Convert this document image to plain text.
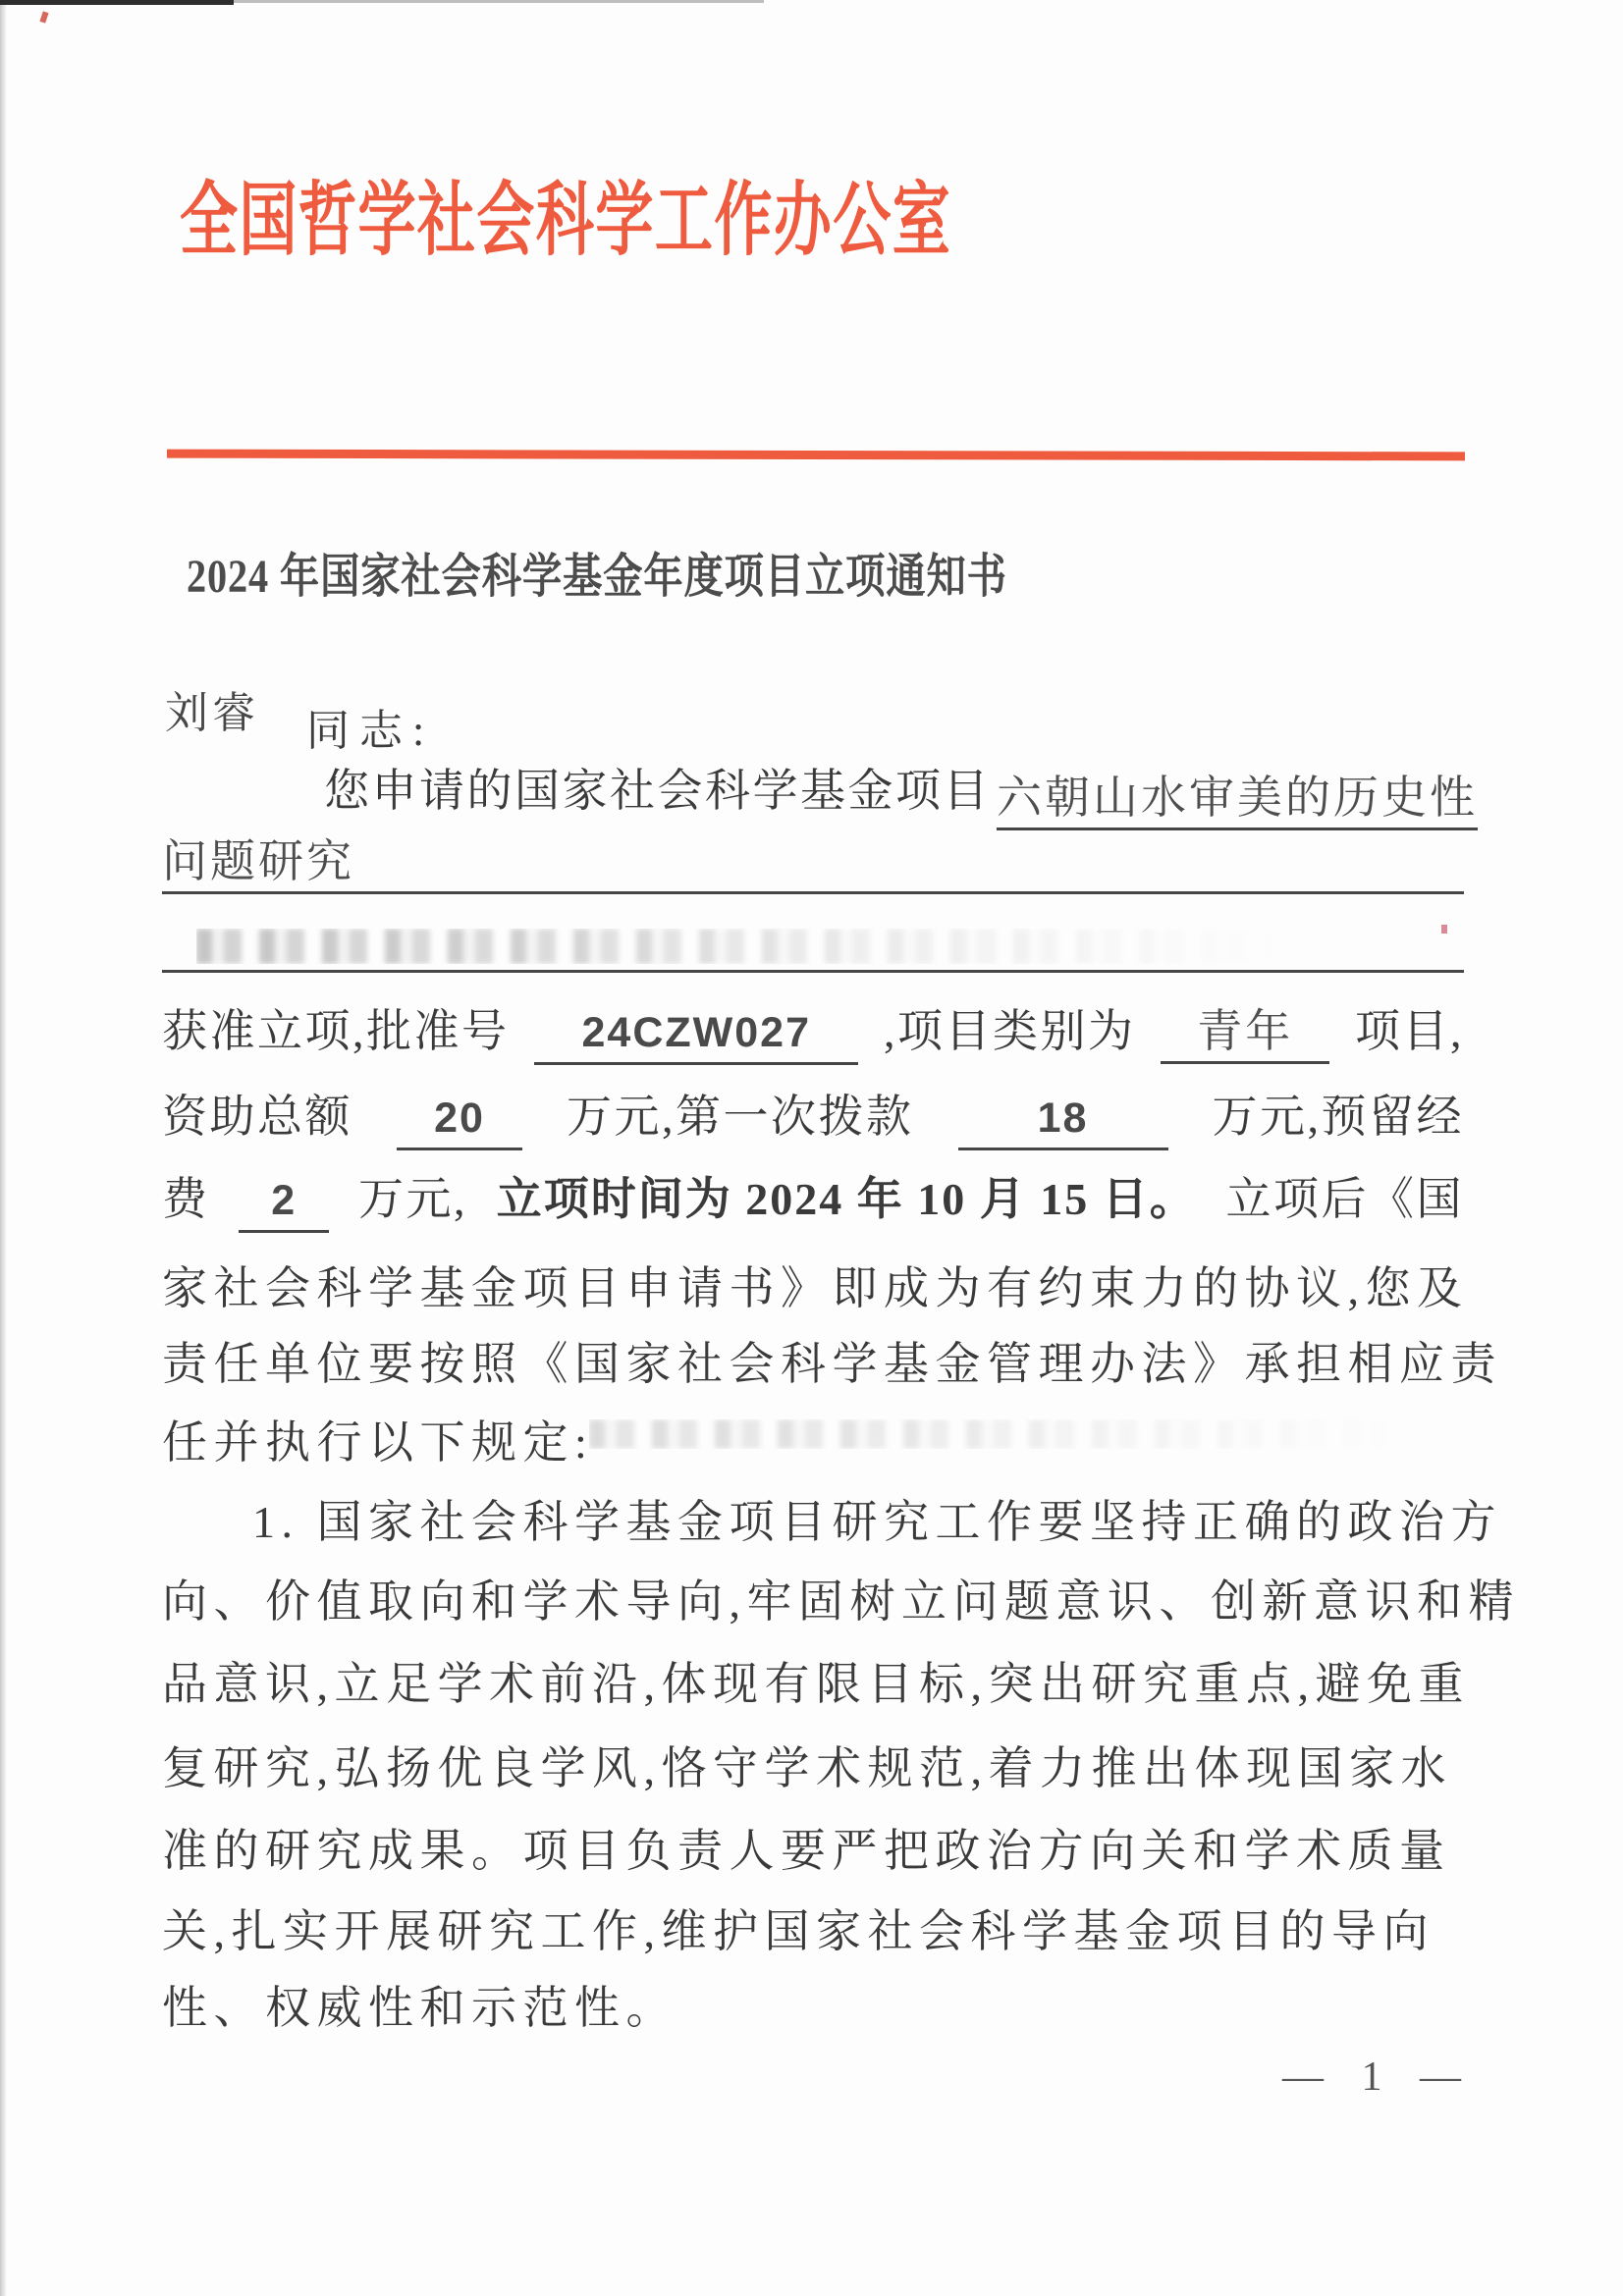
全国哲学社会科学工作办公室
2024 年国家社会科学基金年度项目立项通知书
刘睿 同志:
您申请的国家社会科学基金项目 六朝山水审美的历史性
问题研究
获准立项,批准号	24CZW027	,项目类别为	青年	项目,
资助总额	20	万元,第一次拨款	18	万元,预留经
费	2	万元, 立项时间为 2024 年 10 月 15 日。 立项后《国
家社会科学基金项目申请书》即成为有约束力的协议,您及
责任单位要按照《国家社会科学基金管理办法》承担相应责
任并执行以下规定:
1. 国家社会科学基金项目研究工作要坚持正确的政治方
向、价值取向和学术导向,牢固树立问题意识、创新意识和精
品意识,立足学术前沿,体现有限目标,突出研究重点,避免重
复研究,弘扬优良学风,恪守学术规范,着力推出体现国家水
准的研究成果。项目负责人要严把政治方向关和学术质量
关,扎实开展研究工作,维护国家社会科学基金项目的导向
性、权威性和示范性。
— 1 —
